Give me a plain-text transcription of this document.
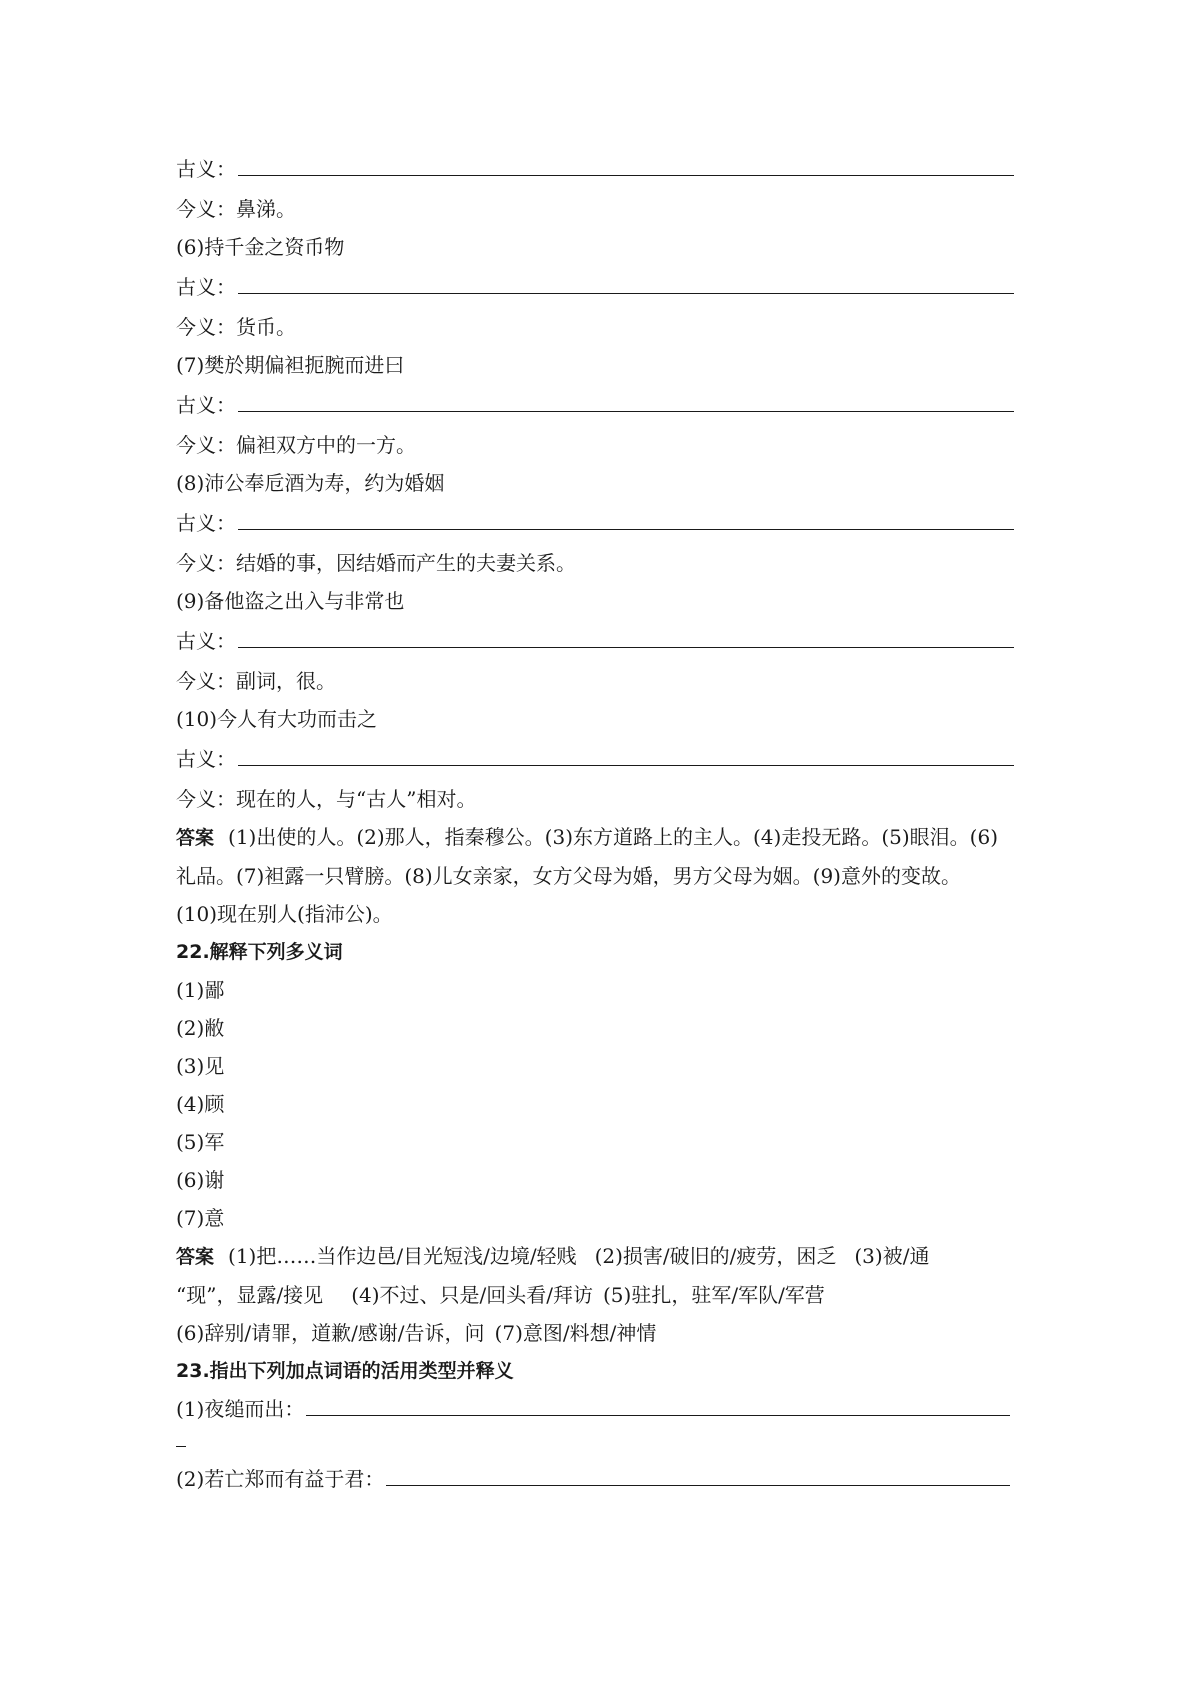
古义：
今义：鼻涕。
(6)持千金之资币物
古义：
今义：货币。
(7)樊於期偏袒扼腕而进曰
古义：
今义：偏袒双方中的一方。
(8)沛公奉卮酒为寿，约为婚姻
古义：
今义：结婚的事，因结婚而产生的夫妻关系。
(9)备他盗之出入与非常也
古义：
今义：副词，很。
(10)今人有大功而击之
古义：
今义：现在的人，与“古人”相对。
答案 (1)出使的人。(2)那人，指秦穆公。(3)东方道路上的主人。(4)走投无路。(5)眼泪。(6)
礼品。(7)袒露一只臂膀。(8)儿女亲家，女方父母为婚，男方父母为姻。(9)意外的变故。
(10)现在别人(指沛公)。
22.解释下列多义词
(1)鄙
(2)敝
(3)见
(4)顾
(5)军
(6)谢
(7)意
答案 (1)把……当作边邑/目光短浅/边境/轻贱 (2)损害/破旧的/疲劳，困乏 (3)被/通
“现”，显露/接见 (4)不过、只是/回头看/拜访 (5)驻扎，驻军/军队/军营
(6)辞别/请罪，道歉/感谢/告诉，问 (7)意图/料想/神情
23.指出下列加点词语的活用类型并释义
(1)夜缒而出：
(2)若亡郑而有益于君：
